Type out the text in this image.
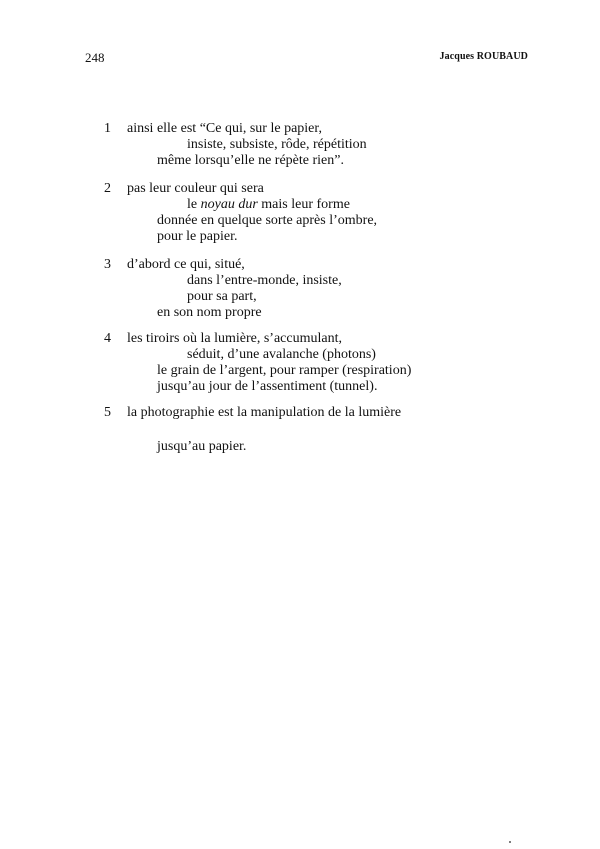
248	Jacques ROUBAUD
1 ainsi elle est “Ce qui, sur le papier,
insiste, subsiste, rôde, répétition
même lorsqu’elle ne répète rien”.
2 pas leur couleur qui sera
le noyau dur mais leur forme
donnée en quelque sorte après l’ombre,
pour le papier.
3 d’abord ce qui, situé,
dans l’entre-monde, insiste,
pour sa part,
en son nom propre
4 les tiroirs où la lumière, s’accumulant,
séduit, d’une avalanche (photons)
le grain de l’argent, pour ramper (respiration)
jusqu’au jour de l’assentiment (tunnel).
5 la photographie est la manipulation de la lumière
jusqu’au papier.
